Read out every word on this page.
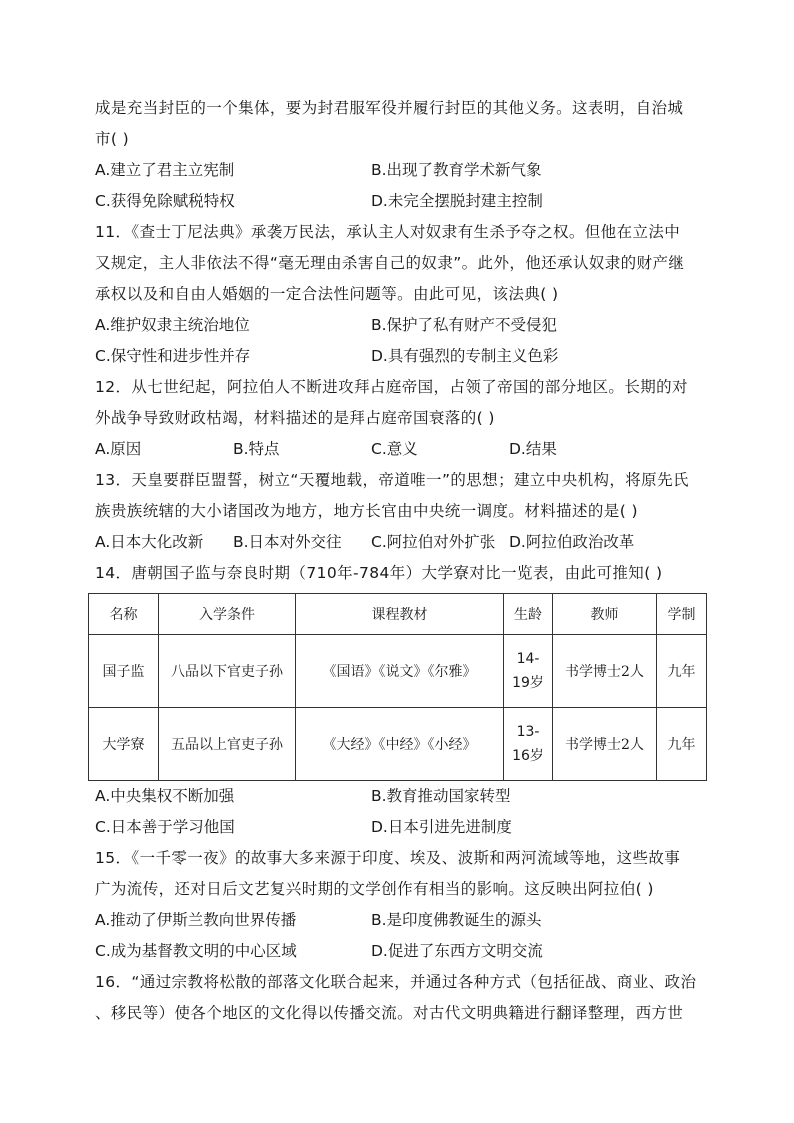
成是充当封臣的一个集体，要为封君服军役并履行封臣的其他义务。这表明，自治城
市( )
A.建立了君主立宪制	B.出现了教育学术新气象
C.获得免除赋税特权	D.未完全摆脱封建主控制
11．《查士丁尼法典》承袭万民法，承认主人对奴隶有生杀予夺之权。但他在立法中
又规定，主人非依法不得“毫无理由杀害自己的奴隶”。此外，他还承认奴隶的财产继
承权以及和自由人婚姻的一定合法性问题等。由此可见，该法典( )
A.维护奴隶主统治地位	B.保护了私有财产不受侵犯
C.保守性和进步性并存	D.具有强烈的专制主义色彩
12．从七世纪起，阿拉伯人不断进攻拜占庭帝国，占领了帝国的部分地区。长期的对
外战争导致财政枯竭，材料描述的是拜占庭帝国衰落的( )
A.原因	B.特点	C.意义	D.结果
13．天皇要群臣盟誓，树立“天覆地载，帝道唯一”的思想；建立中央机构，将原先氏
族贵族统辖的大小诸国改为地方，地方长官由中央统一调度。材料描述的是( )
A.日本大化改新 B.日本对外交往 C.阿拉伯对外扩张 D.阿拉伯政治改革
14．唐朝国子监与奈良时期（710年-784年）大学寮对比一览表，由此可推知( )
名称	入学条件	课程教材	生龄	教师	学制
国子监	八品以下官吏子孙	《国语》《说文》《尔雅》	14-
19岁	书学博士2人	九年
大学寮	五品以上官吏子孙	《大经》《中经》《小经》	13-
16岁	书学博士2人	九年
A.中央集权不断加强	B.教育推动国家转型
C.日本善于学习他国	D.日本引进先进制度
15．《一千零一夜》的故事大多来源于印度、埃及、波斯和两河流域等地，这些故事
广为流传，还对日后文艺复兴时期的文学创作有相当的影响。这反映出阿拉伯( )
A.推动了伊斯兰教向世界传播	B.是印度佛教诞生的源头
C.成为基督教文明的中心区域	D.促进了东西方文明交流
16．“通过宗教将松散的部落文化联合起来，并通过各种方式（包括征战、商业、政治
、移民等）使各个地区的文化得以传播交流。对古代文明典籍进行翻译整理，西方世
